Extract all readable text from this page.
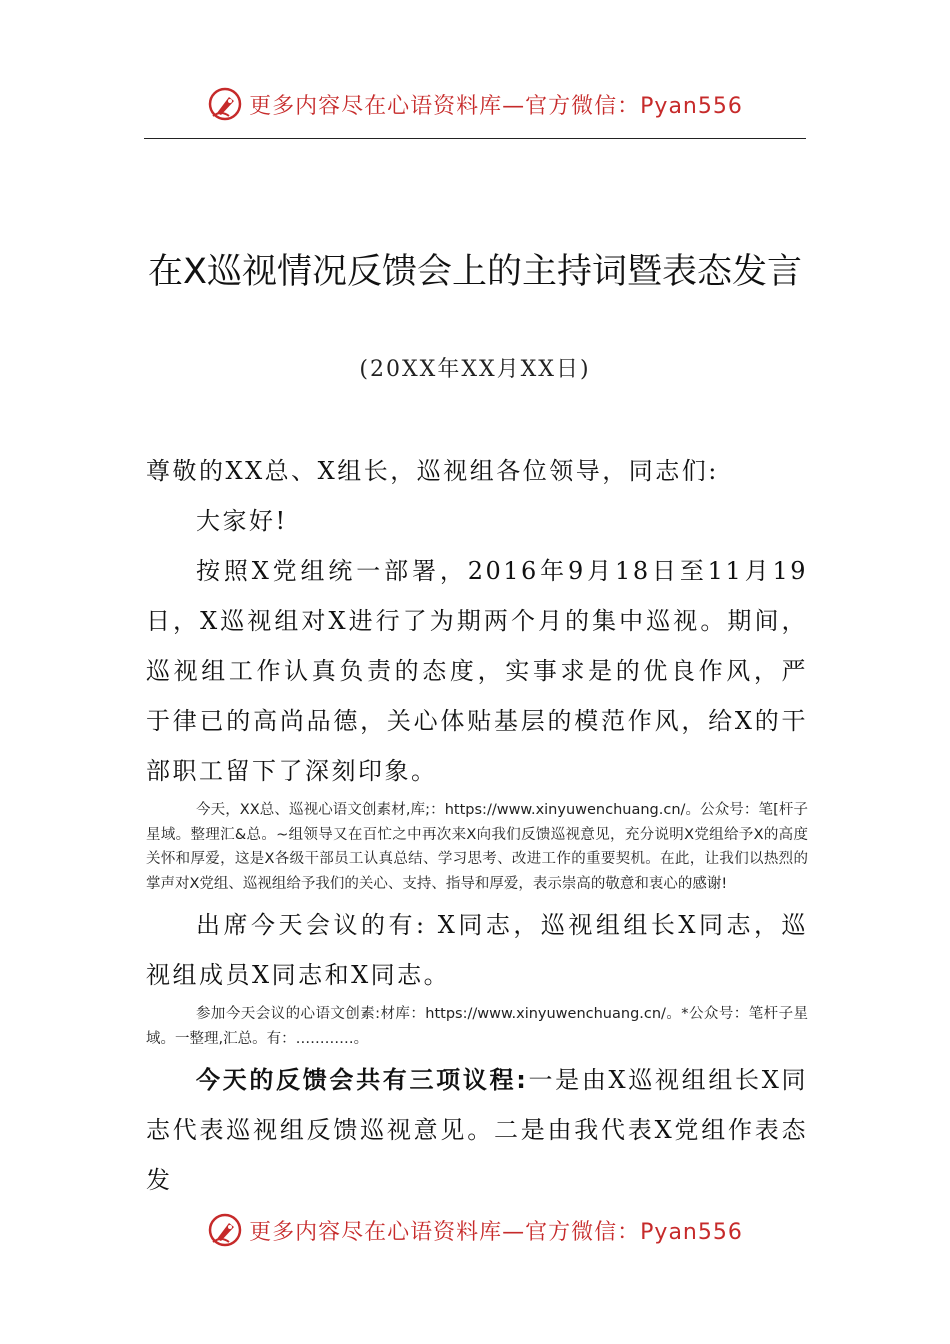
更多内容尽在心语资料库—官方微信：Pyan556
在X巡视情况反馈会上的主持词暨表态发言
(20XX年XX月XX日)

尊敬的XX总、X组长，巡视组各位领导，同志们:

大家好!

按照X党组统一部署，2016年9月18日至11月19日，X巡视组对X进行了为期两个月的集中巡视。期间，巡视组工作认真负责的态度，实事求是的优良作风，严于律已的高尚品德，关心体贴基层的模范作风，给X的干部职工留下了深刻印象。

今天，XX总、巡视心语文创素材,库;：https://www.xinyuwenchuang.cn/。公众号：笔[杆子星域。整理汇&总。~组领导又在百忙之中再次来X向我们反馈巡视意见，充分说明X党组给予X的高度关怀和厚爱，这是X各级干部员工认真总结、学习思考、改进工作的重要契机。在此，让我们以热烈的掌声对X党组、巡视组给予我们的关心、支持、指导和厚爱，表示崇高的敬意和衷心的感谢!

出席今天会议的有: X同志，巡视组组长X同志，巡视组成员X同志和X同志。

参加今天会议的心语文创素:材库：https://www.xinyuwenchuang.cn/。*公众号：笔杆子星域。一整理,汇总。有：…………。

今天的反馈会共有三项议程:一是由X巡视组组长X同志代表巡视组反馈巡视意见。二是由我代表X党组作表态发

更多内容尽在心语资料库—官方微信：Pyan556
